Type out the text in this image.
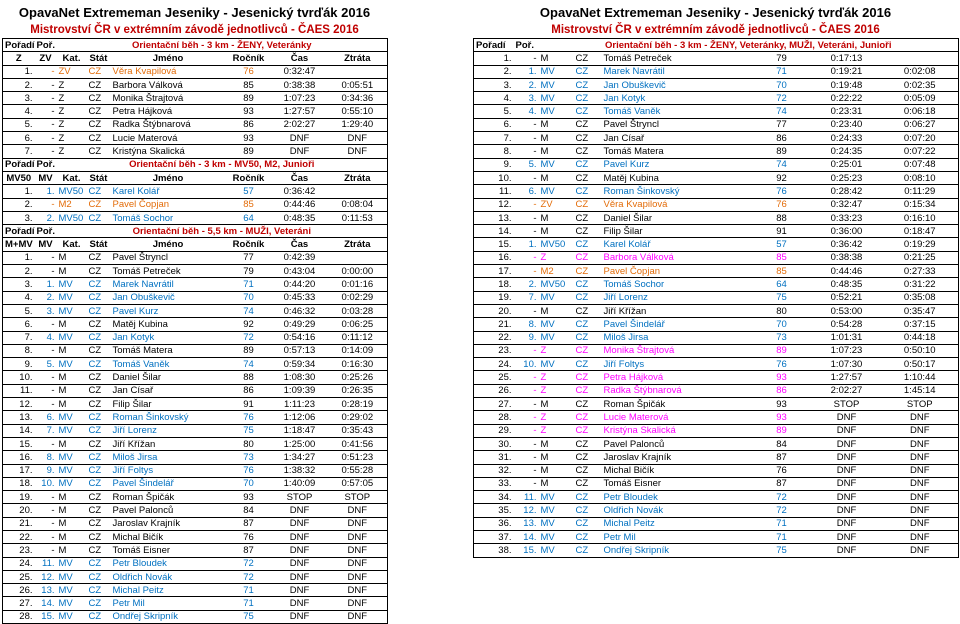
OpavaNet Extrememan Jeseniky - Jesenický tvrďák 2016
Mistrovství ČR v extrémním závodě jednotlivců - ČAES 2016
Pořadí	Poř.	Orientační běh - 3 km - ŽENY, Veteránky					
Z	ZV	Kat.	Stát	Jméno	Ročník	Čas	Ztráta
1.	-	ZV	CZ	Věra Kvapilová	76	0:32:47	
2.	-	Z	CZ	Barbora Válková	85	0:38:38	0:05:51
3.	-	Z	CZ	Monika Štrajtová	89	1:07:23	0:34:36
4.	-	Z	CZ	Petra Hájková	93	1:27:57	0:55:10
5.	-	Z	CZ	Radka Štýbnarová	86	2:02:27	1:29:40
6.	-	Z	CZ	Lucie Materová	93	DNF	DNF
7.	-	Z	CZ	Kristýna Skalická	89	DNF	DNF
Pořadí	Poř.	Orientační běh - 3 km - MV50, M2, Junioři					
MV50	MV	Kat.	Stát	Jméno	Ročník	Čas	Ztráta
1.	1.	MV50	CZ	Karel Kolář	57	0:36:42	
2.	-	M2	CZ	Pavel Čopjan	85	0:44:46	0:08:04
3.	2.	MV50	CZ	Tomáš Sochor	64	0:48:35	0:11:53
Pořadí	Poř.	Orientační běh - 5,5 km - MUŽI, Veteráni					
M+MV	MV	Kat.	Stát	Jméno	Ročník	Čas	Ztráta
1.	-	M	CZ	Pavel Štryncl	77	0:42:39	
2.	-	M	CZ	Tomáš Petreček	79	0:43:04	0:00:00
3.	1.	MV	CZ	Marek Navrátil	71	0:44:20	0:01:16
4.	2.	MV	CZ	Jan Obuškevič	70	0:45:33	0:02:29
5.	3.	MV	CZ	Pavel Kurz	74	0:46:32	0:03:28
6.	-	M	CZ	Matěj Kubina	92	0:49:29	0:06:25
7.	4.	MV	CZ	Jan Kotyk	72	0:54:16	0:11:12
8.	-	M	CZ	Tomáš Matera	89	0:57:13	0:14:09
9.	5.	MV	CZ	Tomáš Vaněk	74	0:59:34	0:16:30
10.	-	M	CZ	Daniel Šilar	88	1:08:30	0:25:26
11.	-	M	CZ	Jan Císař	86	1:09:39	0:26:35
12.	-	M	CZ	Filip Šilar	91	1:11:23	0:28:19
13.	6.	MV	CZ	Roman Šinkovský	76	1:12:06	0:29:02
14.	7.	MV	CZ	Jiří Lorenz	75	1:18:47	0:35:43
15.	-	M	CZ	Jiří Křížan	80	1:25:00	0:41:56
16.	8.	MV	CZ	Miloš Jirsa	73	1:34:27	0:51:23
17.	9.	MV	CZ	Jiří Foltys	76	1:38:32	0:55:28
18.	10.	MV	CZ	Pavel Šindelář	70	1:40:09	0:57:05
19.	-	M	CZ	Roman Špičák	93	STOP	STOP
20.	-	M	CZ	Pavel Palonců	84	DNF	DNF
21.	-	M	CZ	Jaroslav Krajník	87	DNF	DNF
22.	-	M	CZ	Michal Bičík	76	DNF	DNF
23.	-	M	CZ	Tomáš Eisner	87	DNF	DNF
24.	11.	MV	CZ	Petr Bloudek	72	DNF	DNF
25.	12.	MV	CZ	Oldřich Novák	72	DNF	DNF
26.	13.	MV	CZ	Michal Peitz	71	DNF	DNF
27.	14.	MV	CZ	Petr Mil	71	DNF	DNF
28.	15.	MV	CZ	Ondřej Skripník	75	DNF	DNF
OpavaNet Extrememan Jeseniky - Jesenický tvrďák 2016
Mistrovství ČR v extrémním závodě jednotlivců - ČAES 2016
Pořadí	Poř.	Orientační běh - 3 km - ŽENY, Veteránky, MUŽI, Veteráni, Junioři					
1.	-	M	CZ	Tomáš Petreček	79	0:17:13	
2.	1.	MV	CZ	Marek Navrátil	71	0:19:21	0:02:08
3.	2.	MV	CZ	Jan Obuškevič	70	0:19:48	0:02:35
4.	3.	MV	CZ	Jan Kotyk	72	0:22:22	0:05:09
5.	4.	MV	CZ	Tomáš Vaněk	74	0:23:31	0:06:18
6.	-	M	CZ	Pavel Štryncl	77	0:23:40	0:06:27
7.	-	M	CZ	Jan Císař	86	0:24:33	0:07:20
8.	-	M	CZ	Tomáš Matera	89	0:24:35	0:07:22
9.	5.	MV	CZ	Pavel Kurz	74	0:25:01	0:07:48
10.	-	M	CZ	Matěj Kubina	92	0:25:23	0:08:10
11.	6.	MV	CZ	Roman Šinkovský	76	0:28:42	0:11:29
12.	-	ZV	CZ	Věra Kvapilová	76	0:32:47	0:15:34
13.	-	M	CZ	Daniel Šilar	88	0:33:23	0:16:10
14.	-	M	CZ	Filip Šilar	91	0:36:00	0:18:47
15.	1.	MV50	CZ	Karel Kolář	57	0:36:42	0:19:29
16.	-	Z	CZ	Barbora Válková	85	0:38:38	0:21:25
17.	-	M2	CZ	Pavel Čopjan	85	0:44:46	0:27:33
18.	2.	MV50	CZ	Tomáš Sochor	64	0:48:35	0:31:22
19.	7.	MV	CZ	Jiří Lorenz	75	0:52:21	0:35:08
20.	-	M	CZ	Jiří Křížan	80	0:53:00	0:35:47
21.	8.	MV	CZ	Pavel Šindelář	70	0:54:28	0:37:15
22.	9.	MV	CZ	Miloš Jirsa	73	1:01:31	0:44:18
23.	-	Z	CZ	Monika Štrajtová	89	1:07:23	0:50:10
24.	10.	MV	CZ	Jiří Foltys	76	1:07:30	0:50:17
25.	-	Z	CZ	Petra Hájková	93	1:27:57	1:10:44
26.	-	Z	CZ	Radka Štýbnarová	86	2:02:27	1:45:14
27.	-	M	CZ	Roman Špičák	93	STOP	STOP
28.	-	Z	CZ	Lucie Materová	93	DNF	DNF
29.	-	Z	CZ	Kristýna Skalická	89	DNF	DNF
30.	-	M	CZ	Pavel Palonců	84	DNF	DNF
31.	-	M	CZ	Jaroslav Krajník	87	DNF	DNF
32.	-	M	CZ	Michal Bičík	76	DNF	DNF
33.	-	M	CZ	Tomáš Eisner	87	DNF	DNF
34.	11.	MV	CZ	Petr Bloudek	72	DNF	DNF
35.	12.	MV	CZ	Oldřich Novák	72	DNF	DNF
36.	13.	MV	CZ	Michal Peitz	71	DNF	DNF
37.	14.	MV	CZ	Petr Mil	71	DNF	DNF
38.	15.	MV	CZ	Ondřej Skripník	75	DNF	DNF
